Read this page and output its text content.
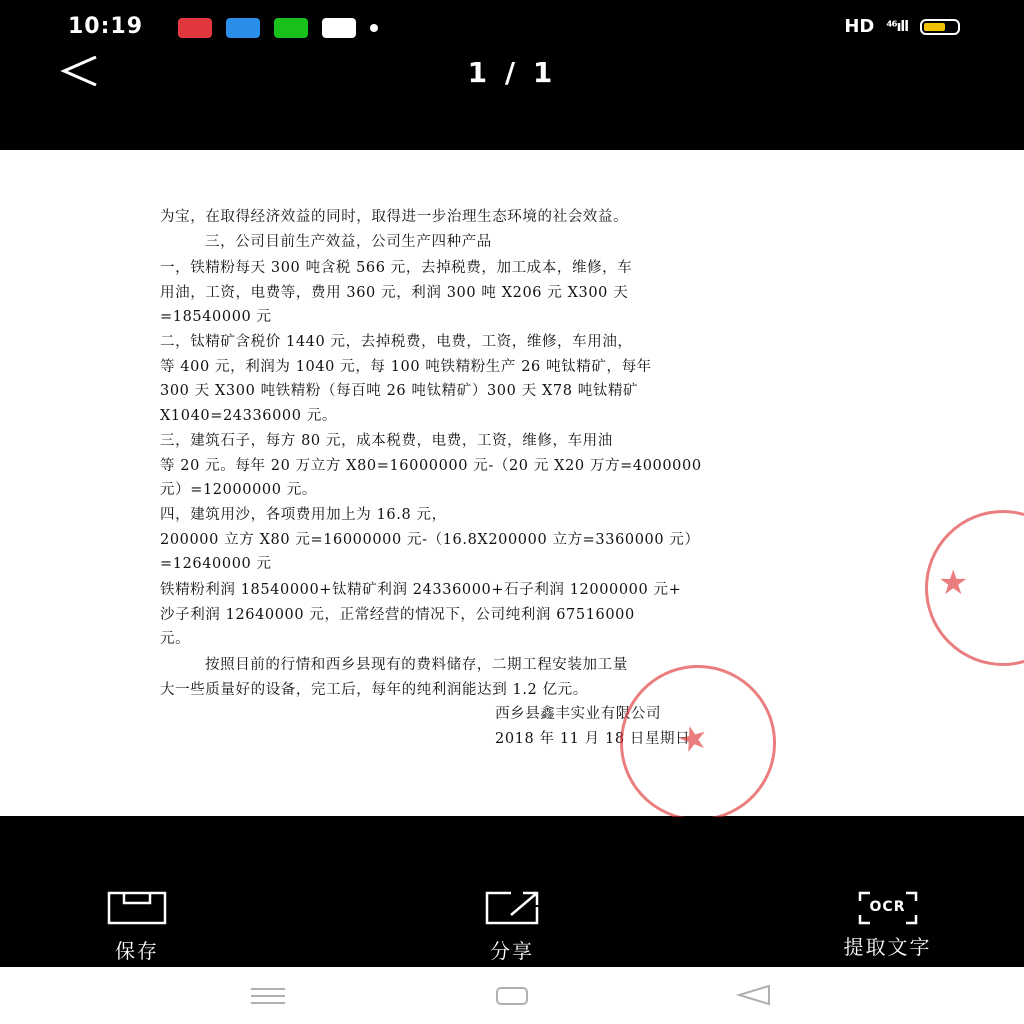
10:19	HD ⁴⁶ıll
1 / 1
为宝，在取得经济效益的同时，取得进一步治理生态环境的社会效益。
三，公司目前生产效益，公司生产四种产品
一，铁精粉每天 300 吨含税 566 元，去掉税费，加工成本，维修，车
用油，工资，电费等，费用 360 元，利润 300 吨 X206 元 X300 天
=18540000 元
二，钛精矿含税价 1440 元，去掉税费，电费，工资，维修，车用油，
等 400 元，利润为 1040 元，每 100 吨铁精粉生产 26 吨钛精矿，每年
300 天 X300 吨铁精粉（每百吨 26 吨钛精矿）300 天 X78 吨钛精矿
X1040=24336000 元。
三，建筑石子，每方 80 元，成本税费，电费，工资，维修，车用油
等 20 元。每年 20 万立方 X80=16000000 元-（20 元 X20 万方=4000000
元）=12000000 元。
四，建筑用沙，各项费用加上为 16.8 元，
200000 立方 X80 元=16000000 元-（16.8X200000 立方=3360000 元）
=12640000 元
铁精粉利润 18540000+钛精矿利润 24336000+石子利润 12000000 元+
沙子利润 12640000 元，正常经营的情况下，公司纯利润 67516000
元。
按照目前的行情和西乡县现有的费料储存，二期工程安装加工量
大一些质量好的设备，完工后，每年的纯利润能达到 1.2 亿元。
西乡县鑫丰实业有限公司
2018 年 11 月 18 日星期日
★
★
保存	分享
OCR
提取文字
